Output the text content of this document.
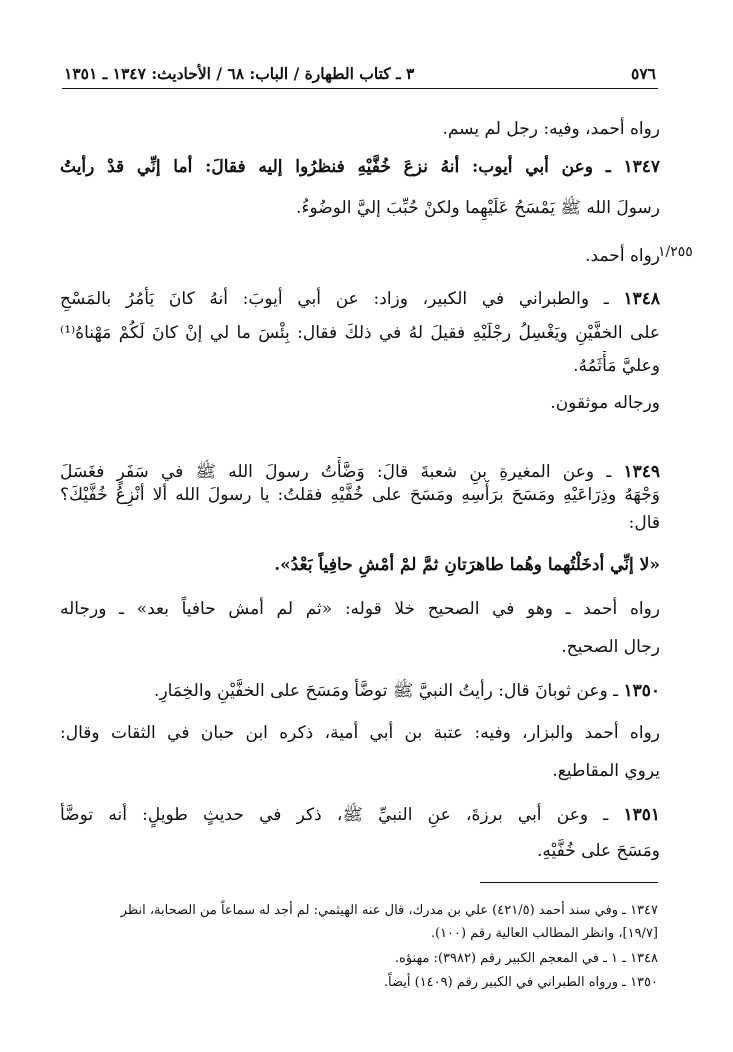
٥٧٦
٣ ـ كتاب الطهارة / الباب: ٦٨ / الأحاديث: ١٣٤٧ ـ ١٣٥١
١/٢٥٥
رواه أحمد، وفيه: رجل لم يسم.
١٣٤٧ ـ وعن أبي أيوب: أنهُ نزعَ خُفَّيْهِ فنظرُوا إليه فقالَ: أما إنِّي قدْ رأيتُ
رسولَ الله ﷺ يَمْسَحُ عَلَيْهِما ولكنْ حُبِّبَ إليَّ الوضُوءُ.
رواه أحمد.
١٣٤٨ ـ والطبراني في الكبير، وزاد: عن أبي أيوبَ: أنهُ كانَ يَأمُرُ بالمَسْحِ
على الخفَّيْنِ ويَغْسِلُ رجْلَيْهِ فقيلَ لهُ في ذلكَ فقال: بِئْسَ ما لي إنْ كانَ لَكُمْ مَهْناهُ⁽¹⁾
وعليَّ مَأْثَمُهُ.
ورجاله موثقون.
١٣٤٩ ـ وعن المغيرةِ بنِ شعبةَ قالَ: وَضَّأْتُ رسولَ الله ﷺ في سَفَرٍ فغَسَلَ
وَجْهَهُ وذِرَاعَيْهِ ومَسَحَ برَأْسِهِ ومَسَحَ على خُفَّيْهِ فقلتُ: يا رسولَ الله ألا أنْزِعُ خُفَّيْكَ؟
قال:
«لا إنِّي أدخَلْتُهما وهُما طاهرَتانِ ثمَّ لمْ أمْشِ حافِياً بَعْدُ».
رواه أحمد ـ وهو في الصحيح خلا قوله: «ثم لم أمش حافياً بعد» ـ ورجاله
رجال الصحيح.
١٣٥٠ ـ وعن ثوبانَ قال: رأيتُ النبيَّ ﷺ توضَّأ ومَسَحَ على الخفَّيْنِ والخِمَارِ.
رواه أحمد والبزار، وفيه: عتبة بن أبي أمية، ذكره ابن حبان في الثقات وقال:
يروي المقاطيع.
١٣٥١ ـ وعن أبي برزةَ، عنِ النبيِّ ﷺ، ذكر في حديثٍ طويلٍ: أنه توضَّأ
ومَسَحَ على خُفَّيْهِ.
١٣٤٧ ـ وفي سند أحمد (٤٢١/٥) علي بن مدرك، قال عنه الهيثمي: لم أجد له سماعاً من الصحابة، انظر
[١٩/٧]، وانظر المطالب العالية رقم (١٠٠).
١٣٤٨ ـ ١ ـ في المعجم الكبير رقم (٣٩٨٢): مهنؤه.
١٣٥٠ ـ ورواه الطبراني في الكبير رقم (١٤٠٩) أيضاً.
